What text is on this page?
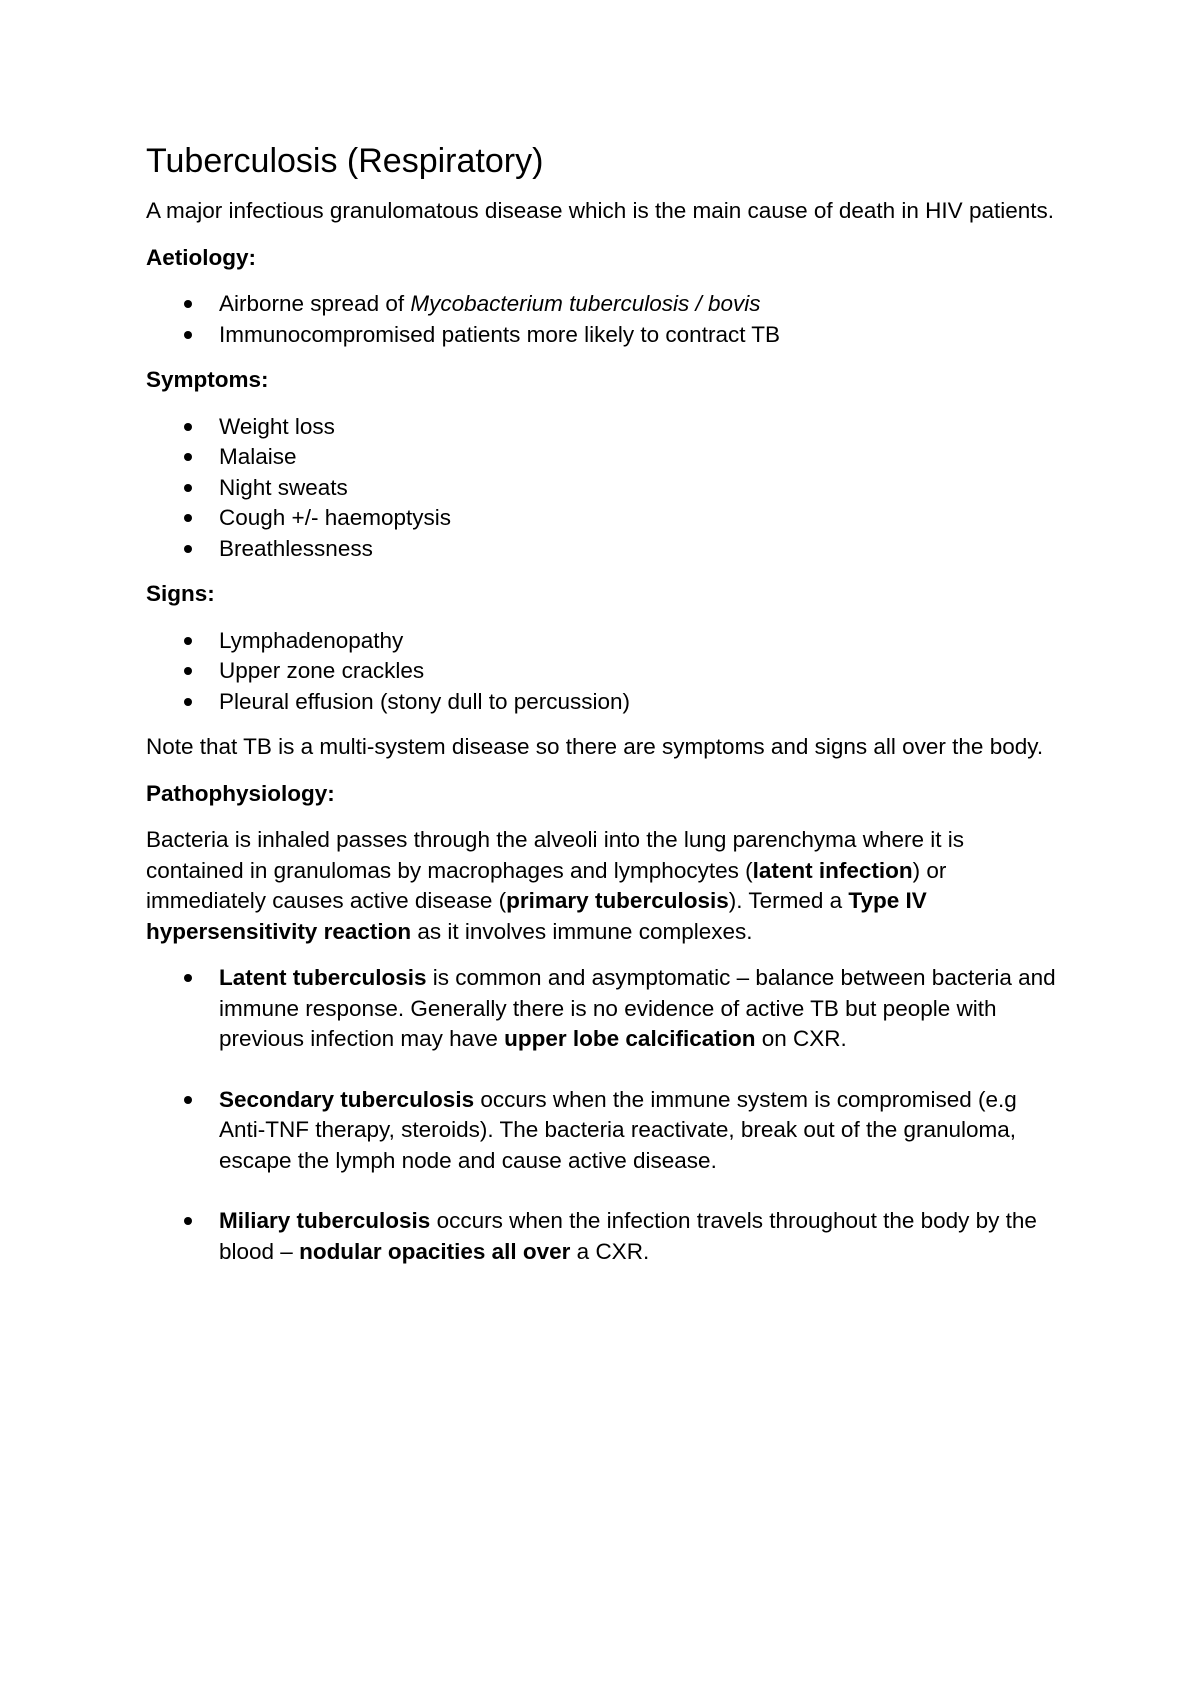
Tuberculosis (Respiratory)

A major infectious granulomatous disease which is the main cause of death in HIV patients.

Aetiology:
Airborne spread of Mycobacterium tuberculosis / bovis
Immunocompromised patients more likely to contract TB
Symptoms:
Weight loss
Malaise
Night sweats
Cough +/- haemoptysis
Breathlessness
Signs:
Lymphadenopathy
Upper zone crackles
Pleural effusion (stony dull to percussion)

Note that TB is a multi-system disease so there are symptoms and signs all over the body.

Pathophysiology:

Bacteria is inhaled passes through the alveoli into the lung parenchyma where it is contained in granulomas by macrophages and lymphocytes (latent infection) or immediately causes active disease (primary tuberculosis). Termed a Type IV hypersensitivity reaction as it involves immune complexes.

Latent tuberculosis is common and asymptomatic – balance between bacteria and immune response. Generally there is no evidence of active TB but people with previous infection may have upper lobe calcification on CXR.
Secondary tuberculosis occurs when the immune system is compromised (e.g Anti-TNF therapy, steroids). The bacteria reactivate, break out of the granuloma, escape the lymph node and cause active disease.
Miliary tuberculosis occurs when the infection travels throughout the body by the blood – nodular opacities all over a CXR.
